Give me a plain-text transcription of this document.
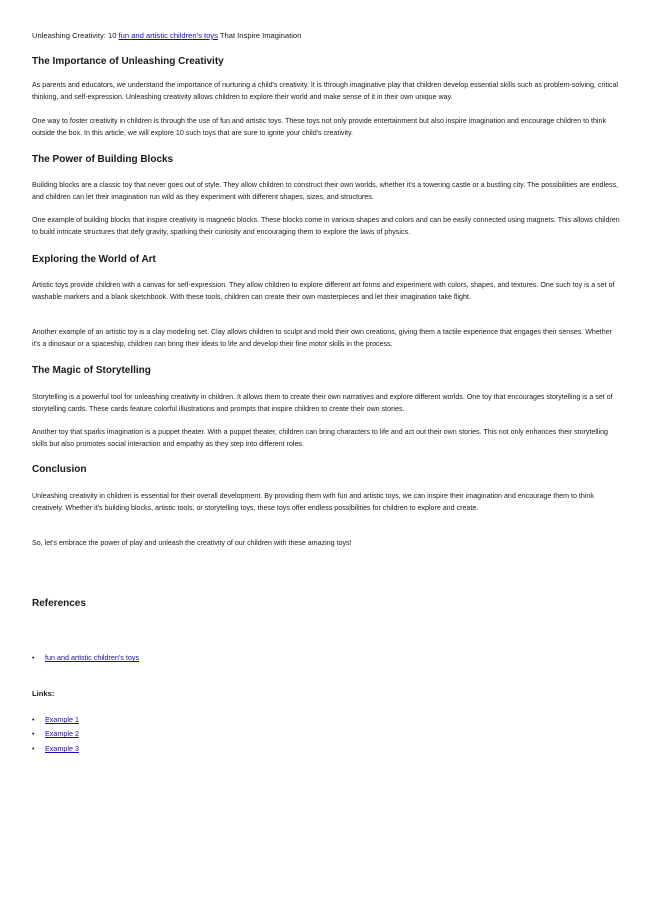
Unleashing Creativity: 10 fun and artistic children's toys That Inspire Imagination
The Importance of Unleashing Creativity

As parents and educators, we understand the importance of nurturing a child's creativity. It is through imaginative play that children develop essential skills such as problem-solving, critical thinking, and self-expression. Unleashing creativity allows children to explore their world and make sense of it in their own unique way.

One way to foster creativity in children is through the use of fun and artistic toys. These toys not only provide entertainment but also inspire imagination and encourage children to think outside the box. In this article, we will explore 10 such toys that are sure to ignite your child's creativity.

The Power of Building Blocks

Building blocks are a classic toy that never goes out of style. They allow children to construct their own worlds, whether it's a towering castle or a bustling city. The possibilities are endless, and children can let their imagination run wild as they experiment with different shapes, sizes, and structures.

One example of building blocks that inspire creativity is magnetic blocks. These blocks come in various shapes and colors and can be easily connected using magnets. This allows children to build intricate structures that defy gravity, sparking their curiosity and encouraging them to explore the laws of physics.

Exploring the World of Art

Artistic toys provide children with a canvas for self-expression. They allow children to explore different art forms and experiment with colors, shapes, and textures. One such toy is a set of washable markers and a blank sketchbook. With these tools, children can create their own masterpieces and let their imagination take flight.

Another example of an artistic toy is a clay modeling set. Clay allows children to sculpt and mold their own creations, giving them a tactile experience that engages their senses. Whether it's a dinosaur or a spaceship, children can bring their ideas to life and develop their fine motor skills in the process.

The Magic of Storytelling

Storytelling is a powerful tool for unleashing creativity in children. It allows them to create their own narratives and explore different worlds. One toy that encourages storytelling is a set of storytelling cards. These cards feature colorful illustrations and prompts that inspire children to create their own stories.

Another toy that sparks imagination is a puppet theater. With a puppet theater, children can bring characters to life and act out their own stories. This not only enhances their storytelling skills but also promotes social interaction and empathy as they step into different roles.

Conclusion

Unleashing creativity in children is essential for their overall development. By providing them with fun and artistic toys, we can inspire their imagination and encourage them to think creatively. Whether it's building blocks, artistic tools, or storytelling toys, these toys offer endless possibilities for children to explore and create.

So, let's embrace the power of play and unleash the creativity of our children with these amazing toys!

References
• fun and artistic children's toys
Links:
• Example 1
• Example 2
• Example 3
